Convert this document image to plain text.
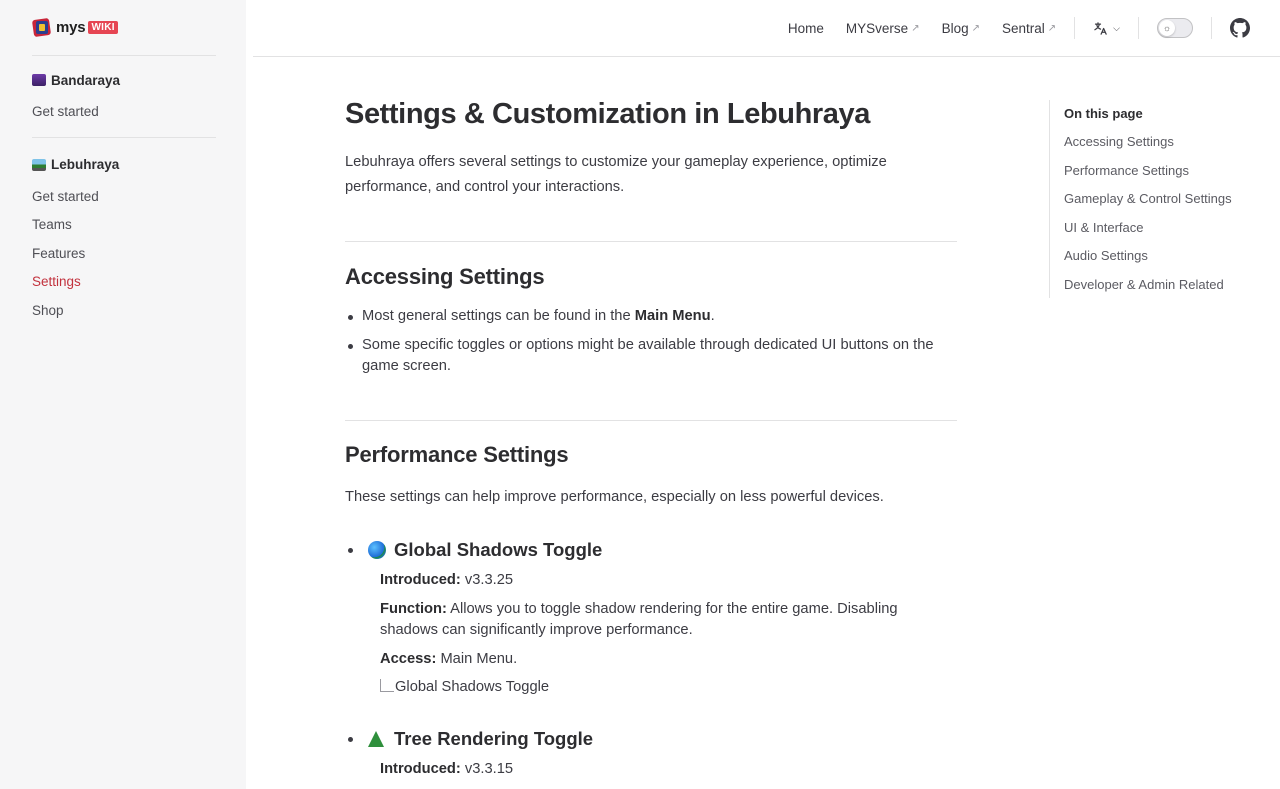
mys WIKI
Bandaraya
Get started
Lebuhraya
Get started
Teams
Features
Settings
Shop
Home MYSverse ↗ Blog ↗ Sentral ↗	⌵	☼
Settings & Customization in Lebuhraya

Lebuhraya offers several settings to customize your gameplay experience, optimize performance, and control your interactions.

Accessing Settings
Most general settings can be found in the Main Menu.
Some specific toggles or options might be available through dedicated UI buttons on the game screen.
Performance Settings

These settings can help improve performance, especially on less powerful devices.

Global Shadows Toggle
Introduced: v3.3.25
Function: Allows you to toggle shadow rendering for the entire game. Disabling shadows can significantly improve performance.
Access: Main Menu.
Global Shadows Toggle
Tree Rendering Toggle
Introduced: v3.3.15
On this page
Accessing Settings
Performance Settings
Gameplay & Control Settings
UI & Interface
Audio Settings
Developer & Admin Related
